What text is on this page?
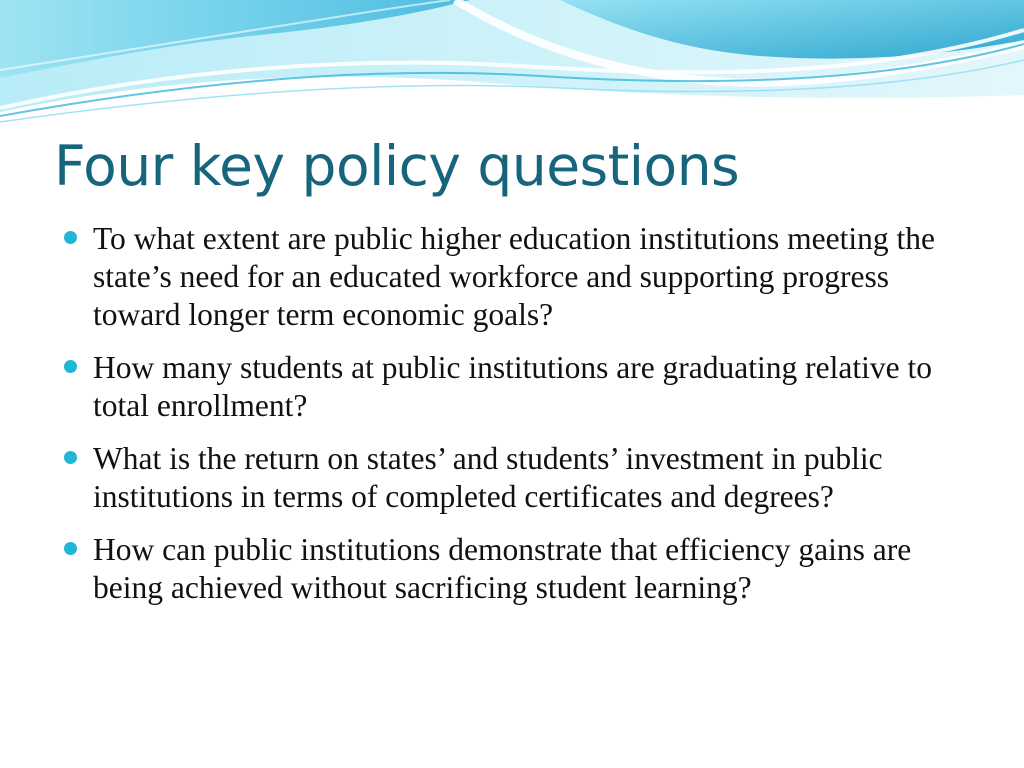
Four key policy questions
To what extent are public higher education institutions meeting the state’s need for an educated workforce and supporting progress toward longer term economic goals?
How many students at public institutions are graduating relative to total enrollment?
What is the return on states’ and students’ investment in public institutions in terms of completed certificates and degrees?
How can public institutions demonstrate that efficiency gains are being achieved without sacrificing student learning?
